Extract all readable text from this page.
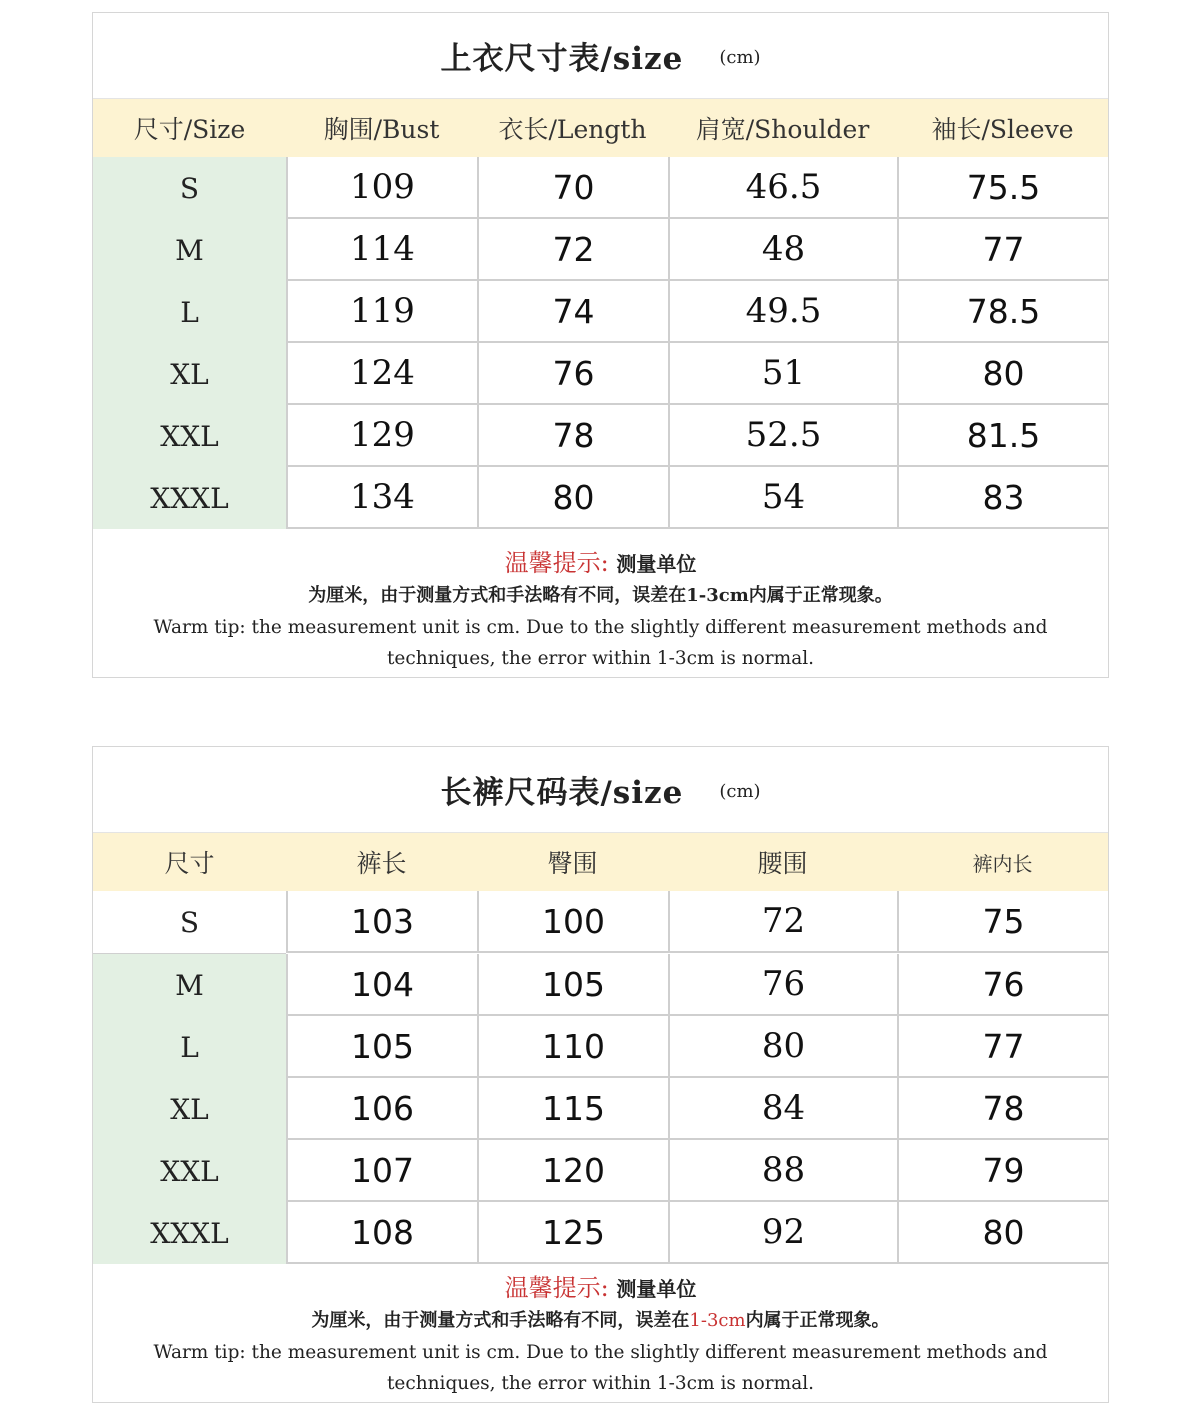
上衣尺寸表/size (cm)
尺寸/Size	胸围/Bust	衣长/Length	肩宽/Shoulder	袖长/Sleeve
S	109	70	46.5	75.5
M	114	72	48	77
L	119	74	49.5	78.5
XL	124	76	51	80
XXL	129	78	52.5	81.5
XXXL	134	80	54	83
温馨提示: 测量单位
为厘米，由于测量方式和手法略有不同，误差在1-3cm内属于正常现象。
Warm tip: the measurement unit is cm. Due to the slightly different measurement methods and
techniques, the error within 1-3cm is normal.
长裤尺码表/size (cm)
尺寸	裤长	臀围	腰围	裤内长
S	103	100	72	75
M	104	105	76	76
L	105	110	80	77
XL	106	115	84	78
XXL	107	120	88	79
XXXL	108	125	92	80
温馨提示: 测量单位
为厘米，由于测量方式和手法略有不同，误差在1-3cm内属于正常现象。
Warm tip: the measurement unit is cm. Due to the slightly different measurement methods and
techniques, the error within 1-3cm is normal.
